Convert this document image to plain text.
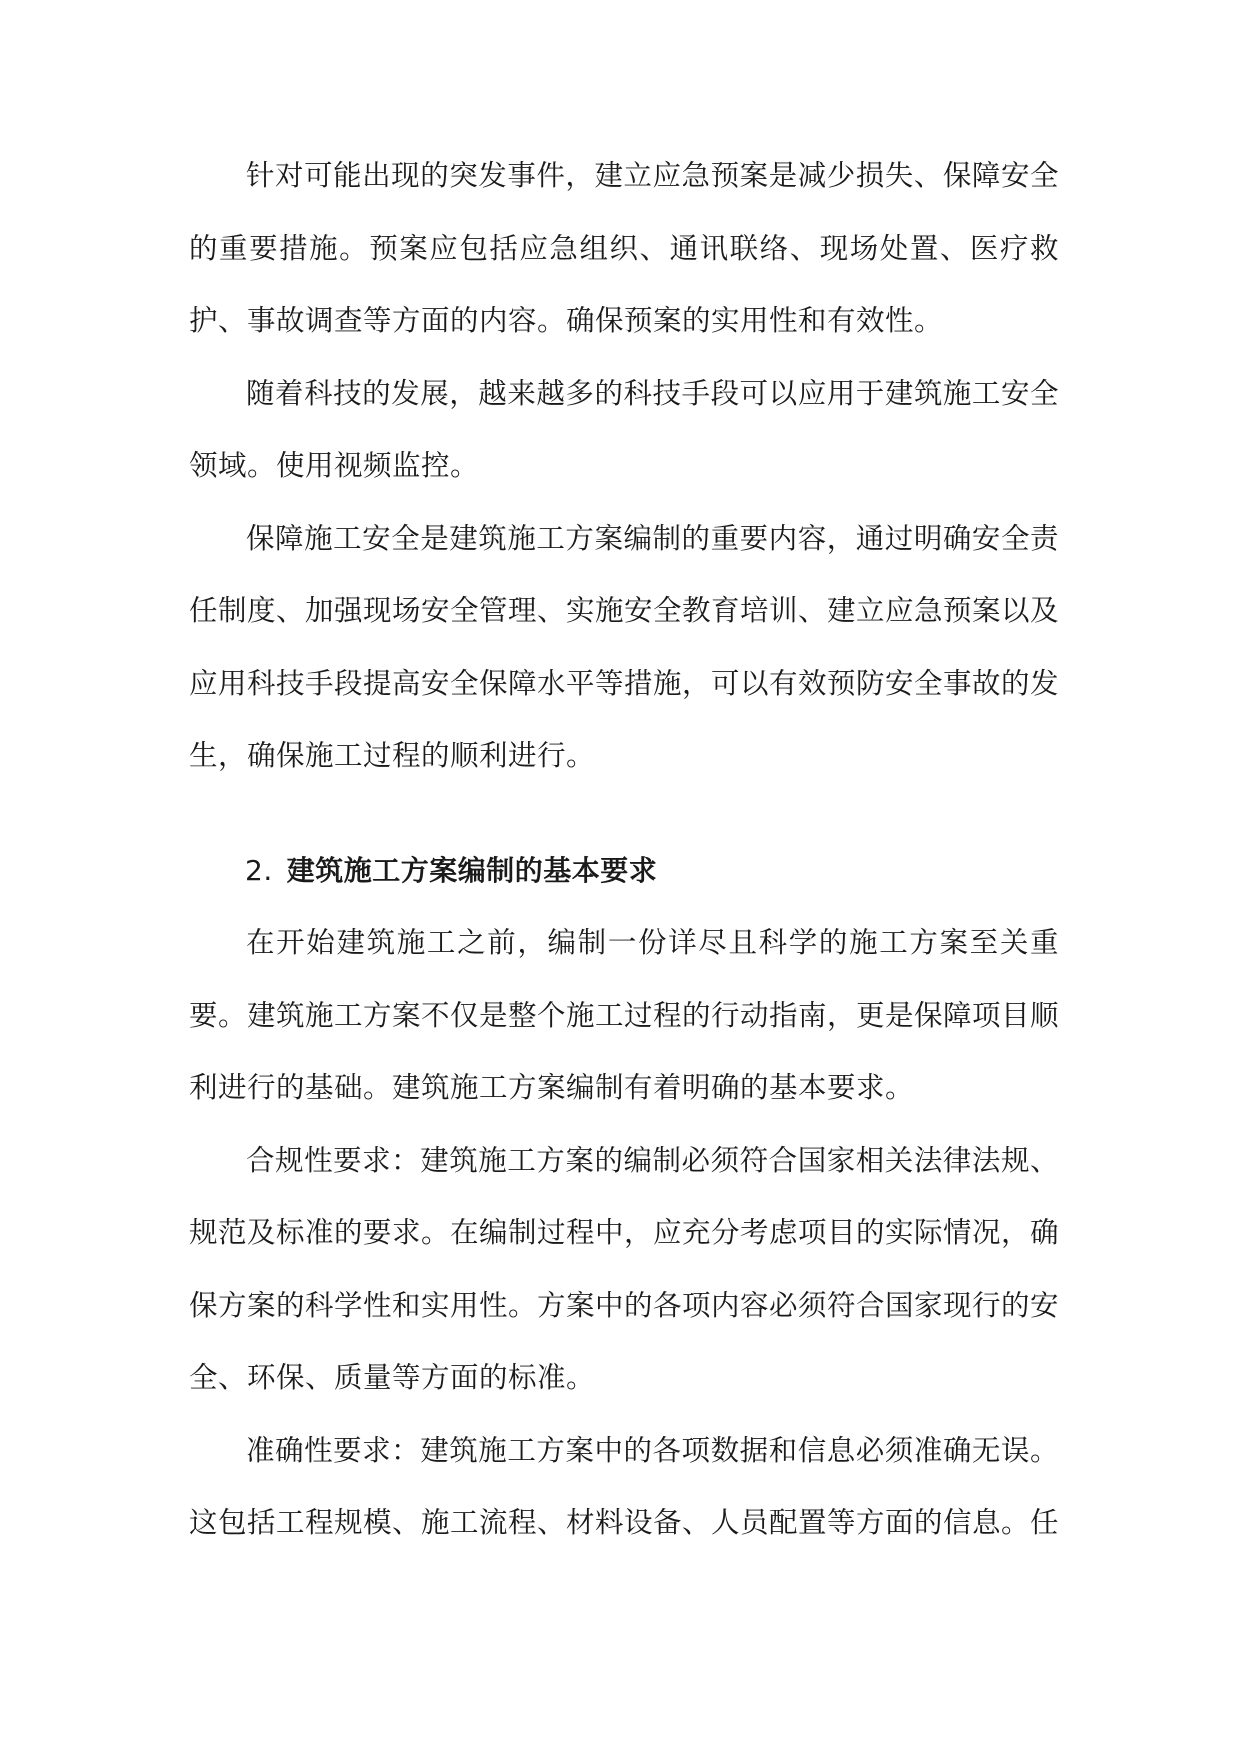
针对可能出现的突发事件，建立应急预案是减少损失、保障安全的重要措施。预案应包括应急组织、通讯联络、现场处置、医疗救护、事故调查等方面的内容。确保预案的实用性和有效性。

随着科技的发展，越来越多的科技手段可以应用于建筑施工安全领域。使用视频监控。

保障施工安全是建筑施工方案编制的重要内容，通过明确安全责任制度、加强现场安全管理、实施安全教育培训、建立应急预案以及应用科技手段提高安全保障水平等措施，可以有效预防安全事故的发生，确保施工过程的顺利进行。

2. 建筑施工方案编制的基本要求

在开始建筑施工之前，编制一份详尽且科学的施工方案至关重要。建筑施工方案不仅是整个施工过程的行动指南，更是保障项目顺利进行的基础。建筑施工方案编制有着明确的基本要求。

合规性要求：建筑施工方案的编制必须符合国家相关法律法规、规范及标准的要求。在编制过程中，应充分考虑项目的实际情况，确保方案的科学性和实用性。方案中的各项内容必须符合国家现行的安全、环保、质量等方面的标准。

准确性要求：建筑施工方案中的各项数据和信息必须准确无误。这包括工程规模、施工流程、材料设备、人员配置等方面的信息。任
